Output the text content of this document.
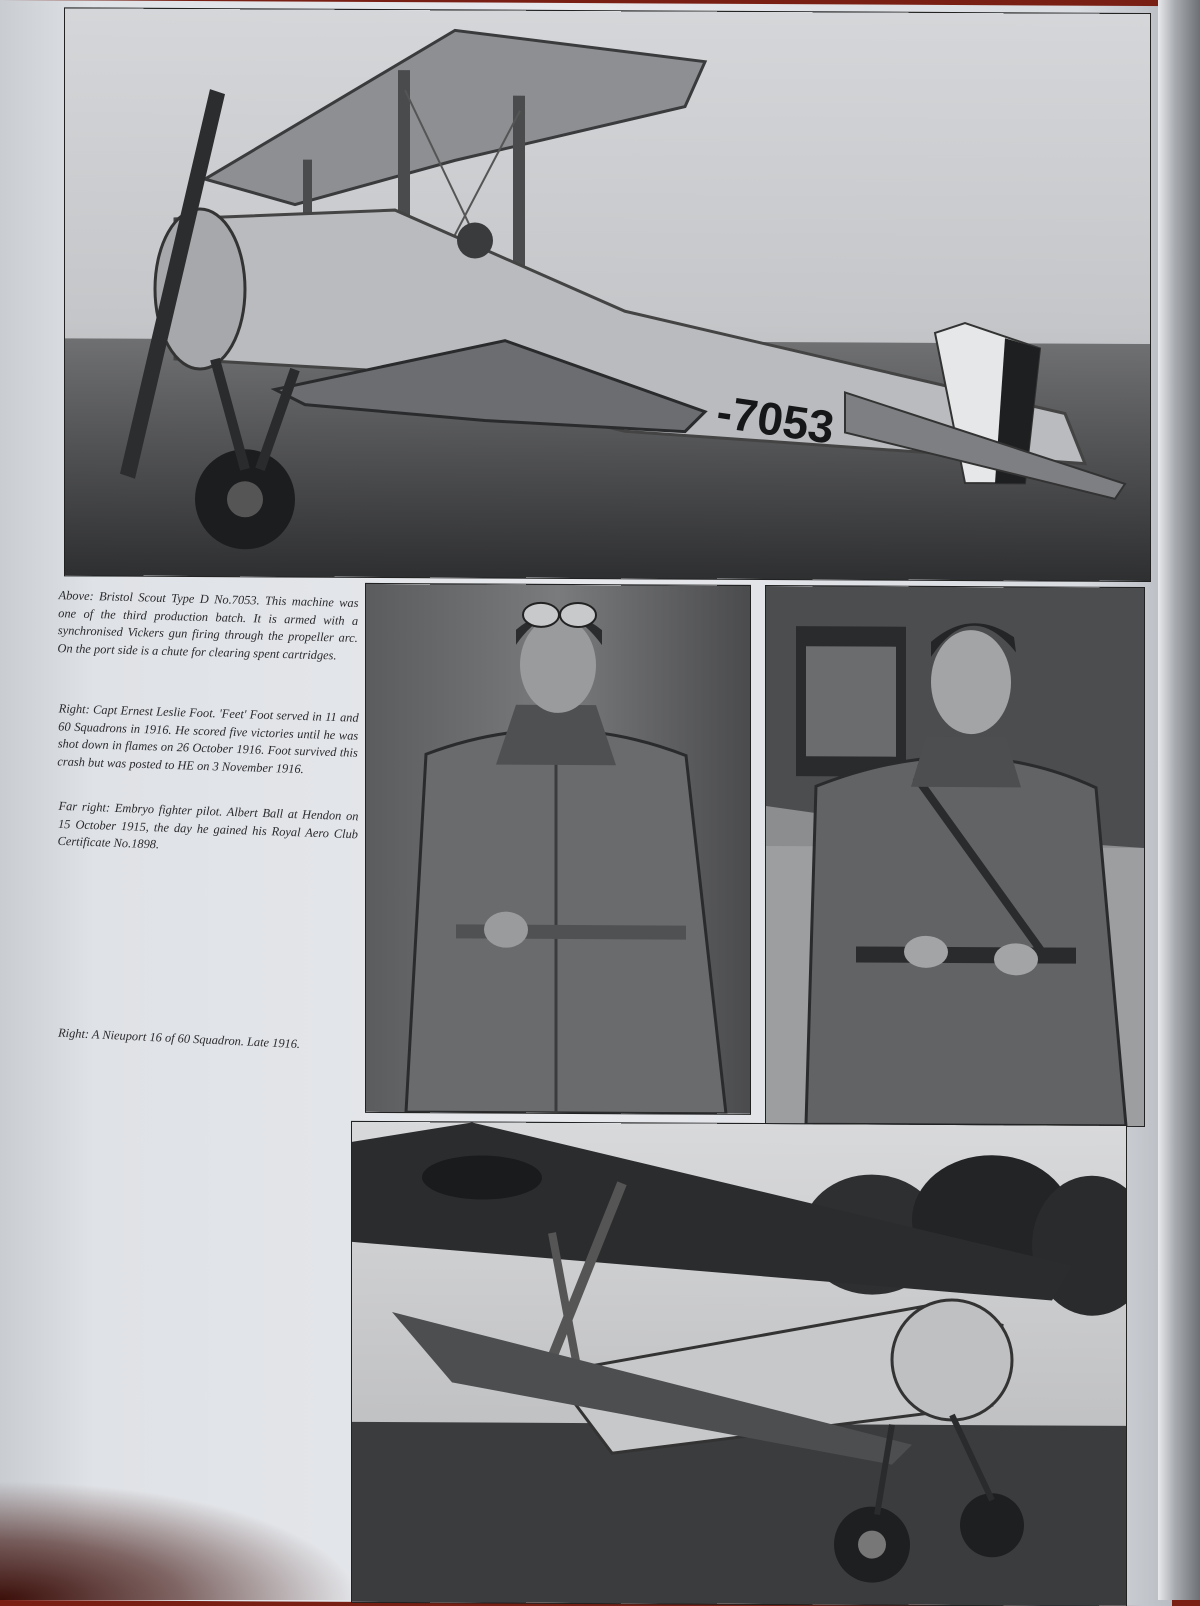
-7053
Above: Bristol Scout Type D No.7053. This machine was one of the third production batch. It is armed with a synchronised Vickers gun firing through the propeller arc. On the port side is a chute for clearing spent cartridges.
Right: Capt Ernest Leslie Foot. 'Feet' Foot served in 11 and 60 Squadrons in 1916. He scored five victories until he was shot down in flames on 26 October 1916. Foot survived this crash but was posted to HE on 3 November 1916.
Far right: Embryo fighter pilot. Albert Ball at Hendon on 15 October 1915, the day he gained his Royal Aero Club Certificate No.1898.
Right: A Nieuport 16 of 60 Squadron. Late 1916.
